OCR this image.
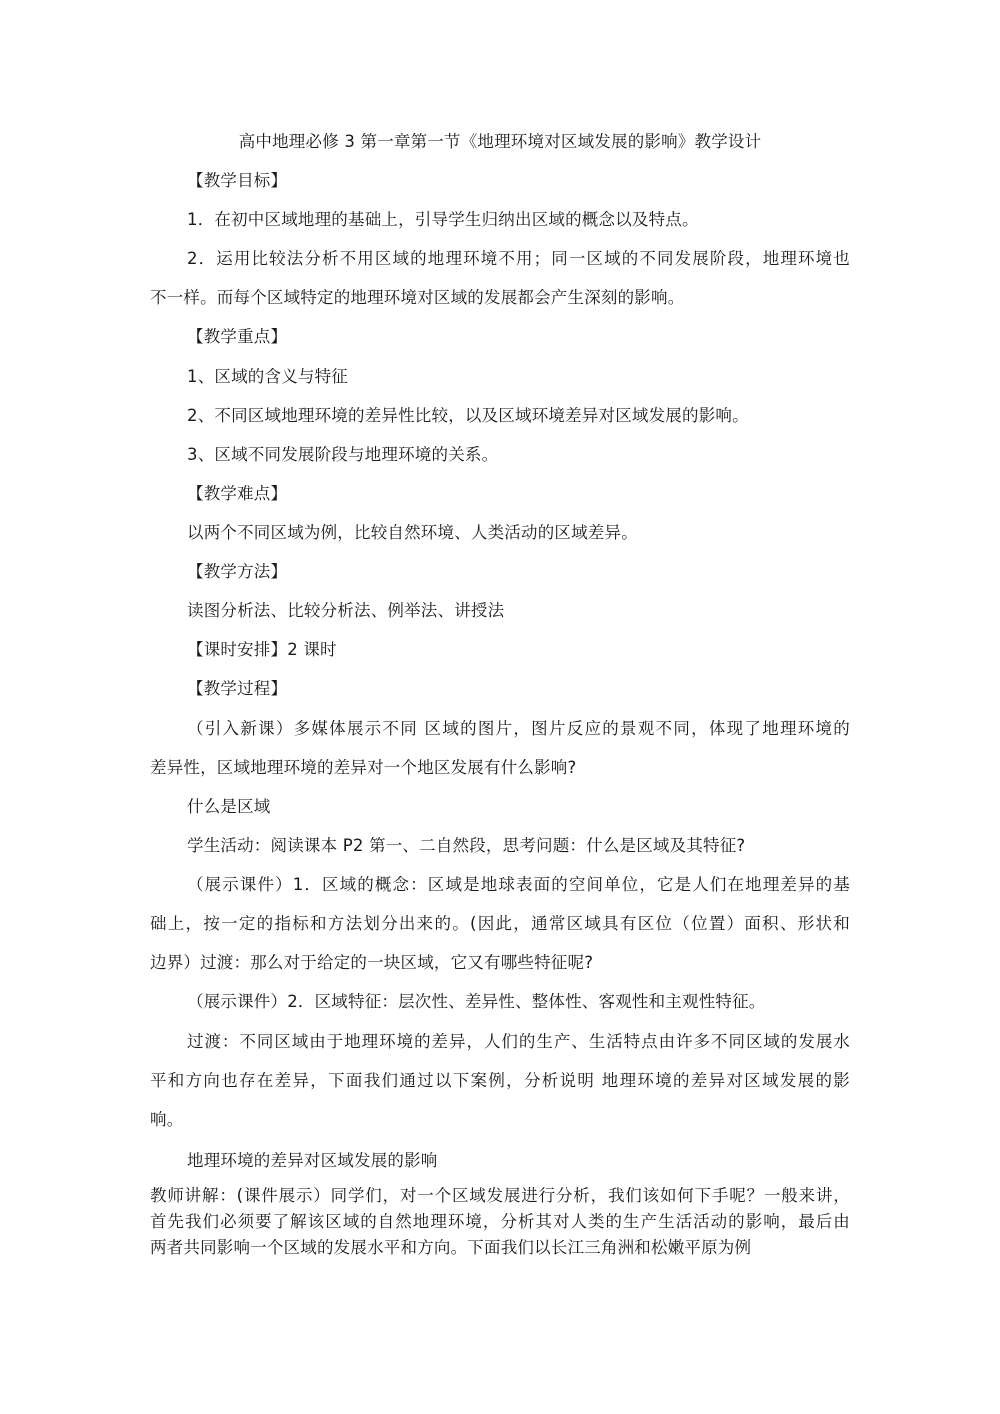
高中地理必修 3 第一章第一节《地理环境对区域发展的影响》教学设计
【教学目标】
1．在初中区域地理的基础上，引导学生归纳出区域的概念以及特点。
2．运用比较法分析不用区域的地理环境不用；同一区域的不同发展阶段，地理环境也
不一样。而每个区域特定的地理环境对区域的发展都会产生深刻的影响。
【教学重点】
1、区域的含义与特征
2、不同区域地理环境的差异性比较，以及区域环境差异对区域发展的影响。
3、区域不同发展阶段与地理环境的关系。
【教学难点】
以两个不同区域为例，比较自然环境、人类活动的区域差异。
【教学方法】
读图分析法、比较分析法、例举法、讲授法
【课时安排】2 课时
【教学过程】
（引入新课）多媒体展示不同 区域的图片，图片反应的景观不同，体现了地理环境的
差异性，区域地理环境的差异对一个地区发展有什么影响?
什么是区域
学生活动：阅读课本 P2 第一、二自然段，思考问题：什么是区域及其特征?
（展示课件）1．区域的概念：区域是地球表面的空间单位，它是人们在地理差异的基
础上，按一定的指标和方法划分出来的。(因此，通常区域具有区位（位置）面积、形状和
边界）过渡：那么对于给定的一块区域，它又有哪些特征呢?
（展示课件）2．区域特征：层次性、差异性、整体性、客观性和主观性特征。
过渡：不同区域由于地理环境的差异，人们的生产、生活特点由许多不同区域的发展水
平和方向也存在差异，下面我们通过以下案例，分析说明 地理环境的差异对区域发展的影
响。
地理环境的差异对区域发展的影响
教师讲解：(课件展示）同学们，对一个区域发展进行分析，我们该如何下手呢？一般来讲，
首先我们必须要了解该区域的自然地理环境，分析其对人类的生产生活活动的影响，最后由
两者共同影响一个区域的发展水平和方向。下面我们以长江三角洲和松嫩平原为例
